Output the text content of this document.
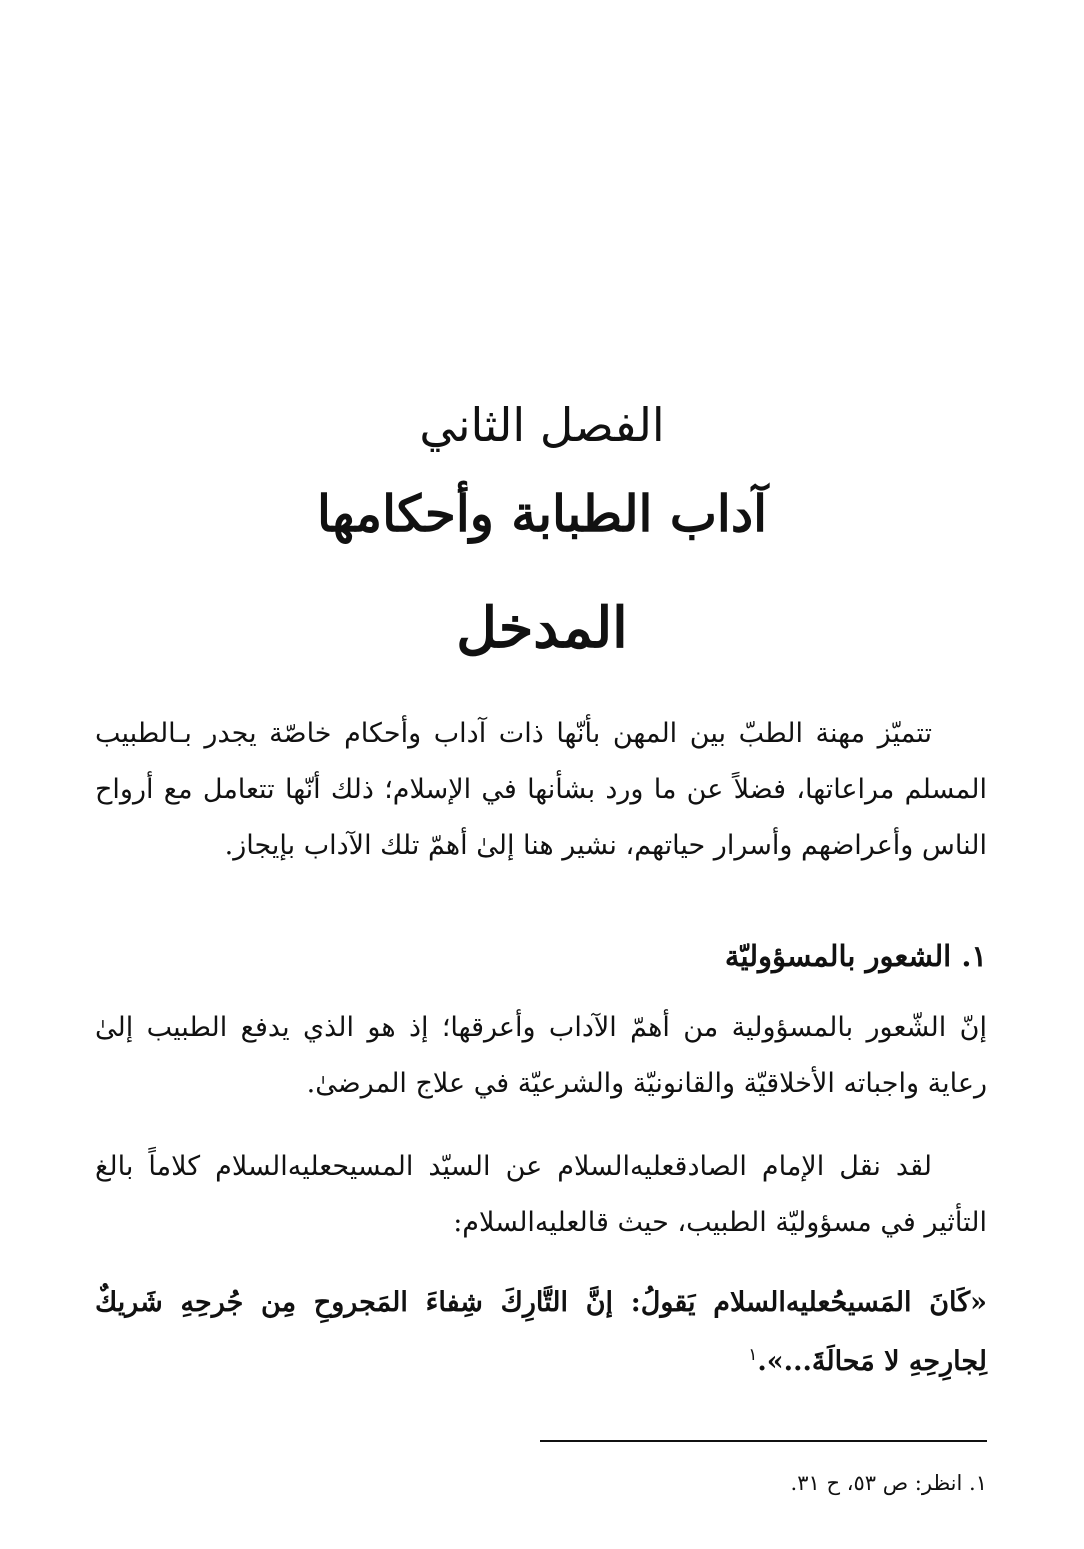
الفصل الثاني
آداب الطبابة وأحكامها
المدخل

تتميّز مهنة الطبّ بين المهن بأنّها ذات آداب وأحكام خاصّة يجدر بـالطبيب المسلم مراعاتها، فضلاً عن ما ورد بشأنها في الإسلام؛ ذلك أنّها تتعامل مع أرواح الناس وأعراضهم وأسرار حياتهم، نشير هنا إلىٰ أهمّ تلك الآداب بإيجاز.

١. الشعور بالمسؤوليّة

إنّ الشّعور بالمسؤولية من أهمّ الآداب وأعرقها؛ إذ هو الذي يدفع الطبيب إلىٰ رعاية واجباته الأخلاقيّة والقانونيّة والشرعيّة في علاج المرضىٰ.

لقد نقل الإمام الصادقعليه‌السلام عن السيّد المسيحعليه‌السلام كلاماً بالغ التأثير في مسؤوليّة الطبيب، حيث قالعليه‌السلام:

«كَانَ المَسيحُعليه‌السلام يَقولُ: إنَّ التَّارِكَ شِفاءَ المَجروحِ مِن جُرحِهِ شَريكٌ لِجارِحِهِ لا مَحالَةَ...».$^١$

١. انظر: ص ٥٣، ح ٣١.
